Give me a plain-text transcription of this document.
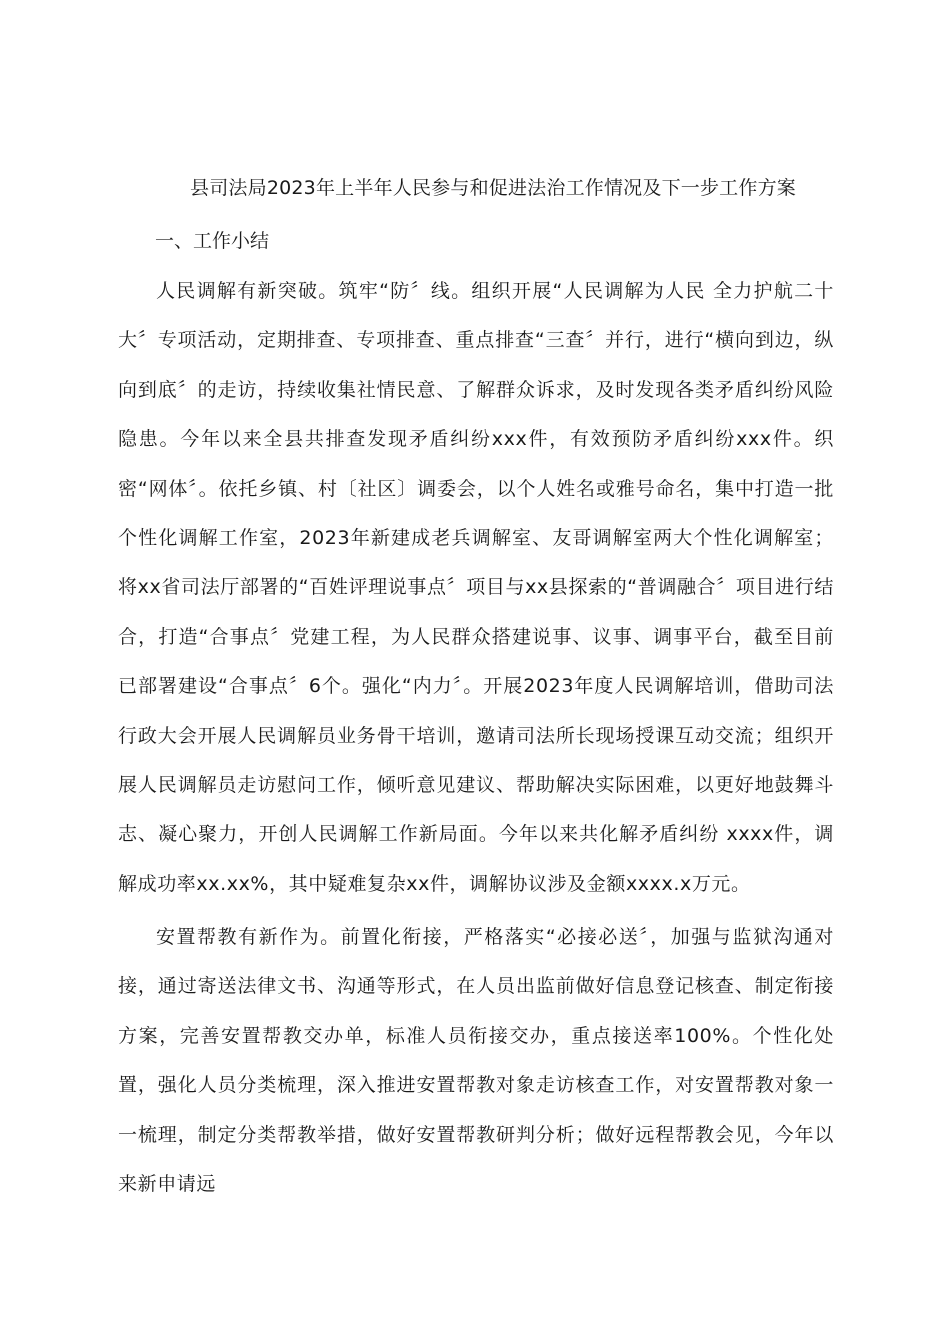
县司法局2023年上半年人民参与和促进法治工作情况及下一步工作方案
一、工作小结

人民调解有新突破。筑牢“防〞线。组织开展“人民调解为人民 全力护航二十大〞专项活动，定期排查、专项排查、重点排查“三查〞并行，进行“横向到边，纵向到底〞的走访，持续收集社情民意、了解群众诉求，及时发现各类矛盾纠纷风险隐患。今年以来全县共排查发现矛盾纠纷xxx件，有效预防矛盾纠纷xxx件。织密“网体〞。依托乡镇、村〔社区〕调委会，以个人姓名或雅号命名，集中打造一批个性化调解工作室，2023年新建成老兵调解室、友哥调解室两大个性化调解室；将xx省司法厅部署的“百姓评理说事点〞项目与xx县探索的“普调融合〞项目进行结合，打造“合事点〞党建工程，为人民群众搭建说事、议事、调事平台，截至目前已部署建设“合事点〞6个。强化“内力〞。开展2023年度人民调解培训，借助司法行政大会开展人民调解员业务骨干培训，邀请司法所长现场授课互动交流；组织开展人民调解员走访慰问工作，倾听意见建议、帮助解决实际困难，以更好地鼓舞斗志、凝心聚力，开创人民调解工作新局面。今年以来共化解矛盾纠纷 xxxx件，调解成功率xx.xx%，其中疑难复杂xx件，调解协议涉及金额xxxx.x万元。

安置帮教有新作为。前置化衔接，严格落实“必接必送〞，加强与监狱沟通对接，通过寄送法律文书、沟通等形式，在人员出监前做好信息登记核查、制定衔接方案，完善安置帮教交办单，标准人员衔接交办，重点接送率100%。个性化处置，强化人员分类梳理，深入推进安置帮教对象走访核查工作，对安置帮教对象一一梳理，制定分类帮教举措，做好安置帮教研判分析；做好远程帮教会见，今年以来新申请远
